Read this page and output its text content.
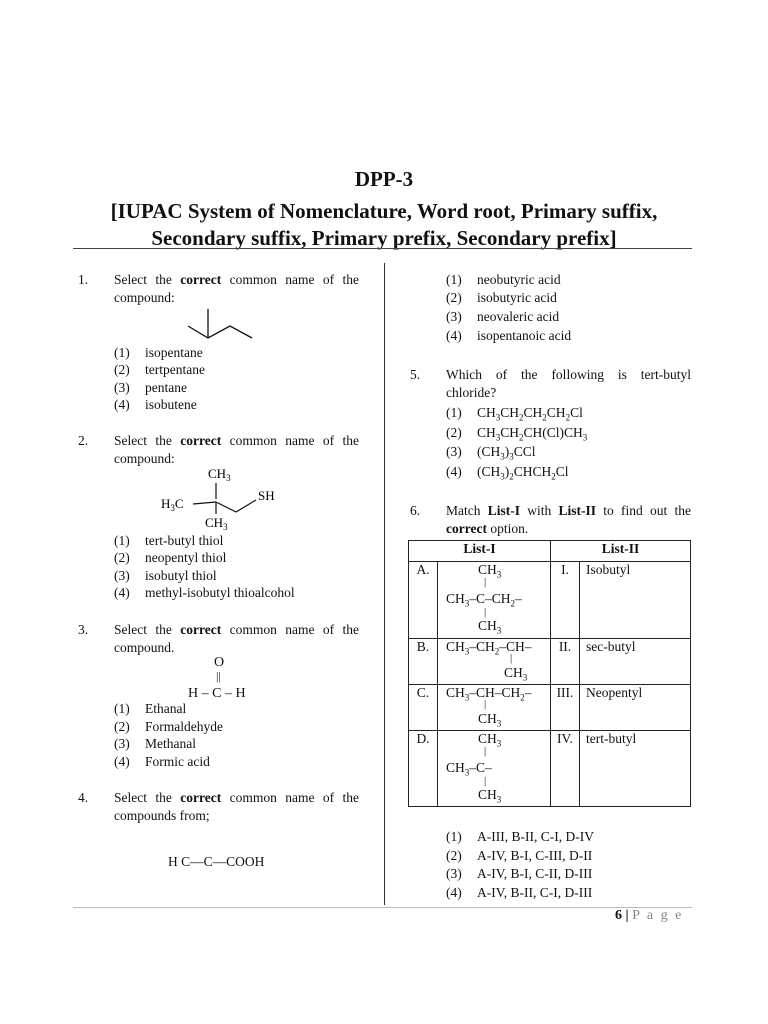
DPP-3
[IUPAC System of Nomenclature, Word root, Primary suffix,
Secondary suffix, Primary prefix, Secondary prefix]
1. Select the correct common name of the
compound:
(1) isopentane
(2) tertpentane
(3) pentane
(4) isobutene
2. Select the correct common name of the
compound:
$CH_3$
$H_3C$
SH
$CH_3$
(1) tert-butyl thiol
(2) neopentyl thiol
(3) isobutyl thiol
(4) methyl-isobutyl thioalcohol
3. Select the correct common name of the
compound.
O
||
H – C – H
(1) Ethanal
(2) Formaldehyde
(3) Methanal
(4) Formic acid
4. Select the correct common name of the
compounds from;
H C—C—COOH
(1) neobutyric acid
(2) isobutyric acid
(3) neovaleric acid
(4) isopentanoic acid
5. Which of the following is tert-butyl
chloride?
(1) $CH_3CH_2CH_2CH_2Cl$
(2) $CH_3CH_2CH(Cl)CH_3$
(3) $(CH_3)_3CCl$
(4) $(CH_3)_2CHCH_2Cl$
6. Match List-I with List-II to find out the
correct option.
List-I		List-II	
A.	$CH_3$
|
$CH_3-C-CH_2-$
|
$CH_3$	I.	Isobutyl
B.	$CH_3-CH_2-CH-$
|
$CH_3$	II.	sec-butyl
C.	$CH_3-CH-CH_2-$
|
$CH_3$	III.	Neopentyl
D.	$CH_3$
|
$CH_3-C-$
|
$CH_3$	IV.	tert-butyl
(1) A-III, B-II, C-I, D-IV
(2) A-IV, B-I, C-III, D-II
(3) A-IV, B-I, C-II, D-III
(4) A-IV, B-II, C-I, D-III
6 | P a g e
